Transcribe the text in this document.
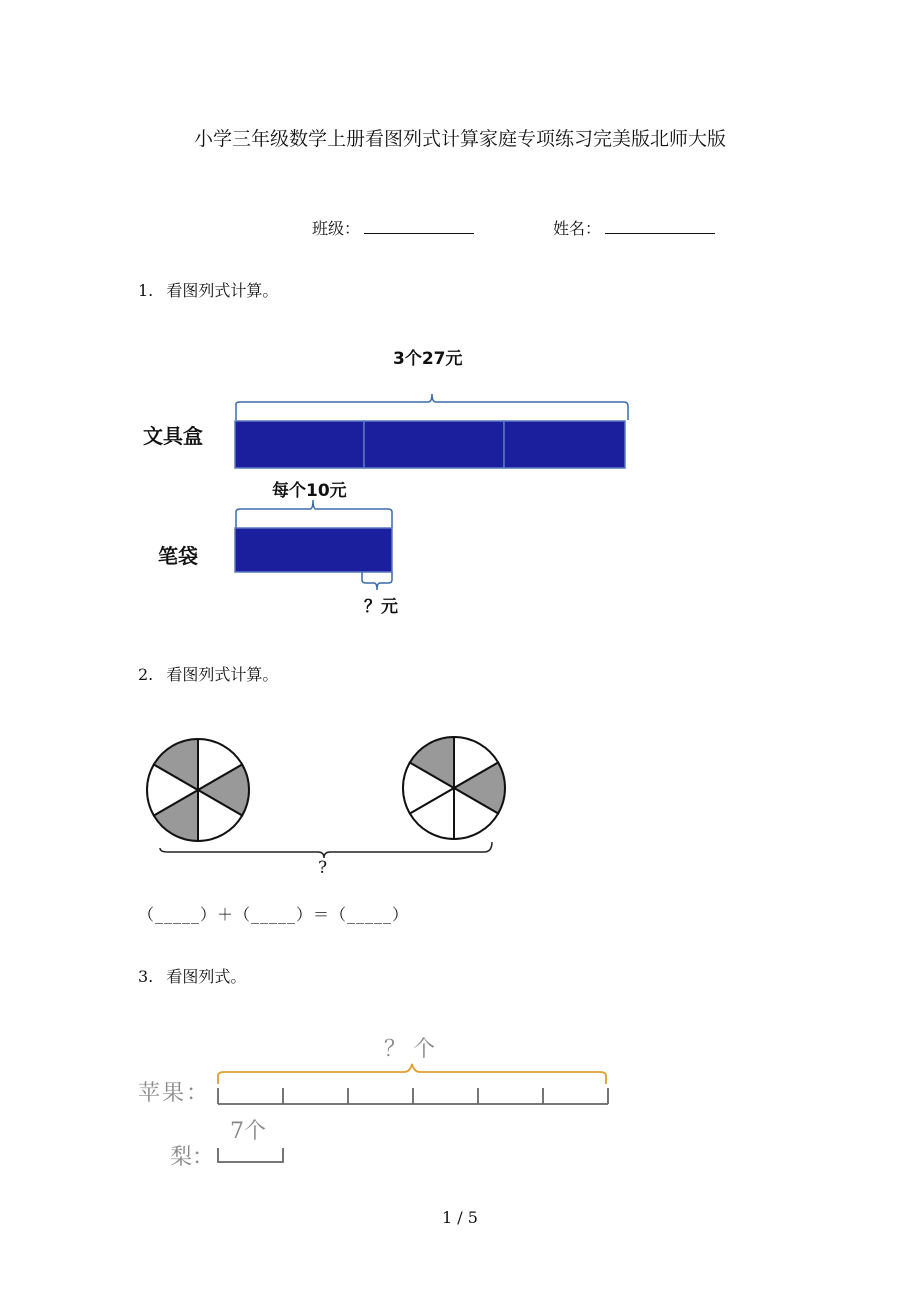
小学三年级数学上册看图列式计算家庭专项练习完美版北师大版
班级：	姓名：
1. 看图列式计算。
3个27元
文具盒
每个10元
笔袋
？元
2. 看图列式计算。
?
（_____）＋（_____）＝（_____）
3. 看图列式。
？ 个
苹果：
7个
梨：
1 / 5
